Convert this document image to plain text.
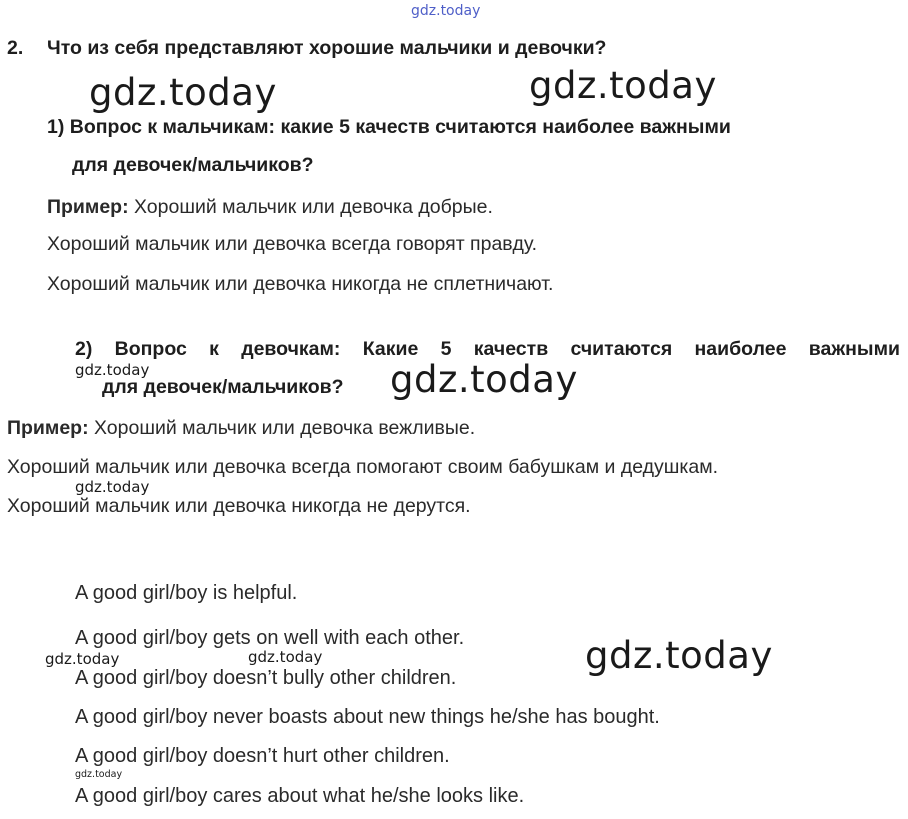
gdz.today
gdz.today	gdz.today
2. Что из себя представляют хорошие мальчики и девочки?
1) Вопрос к мальчикам: какие 5 качеств считаются наиболее важными
для девочек/мальчиков?
Пример: Хороший мальчик или девочка добрые.
Хороший мальчик или девочка всегда говорят правду.
Хороший мальчик или девочка никогда не сплетничают.
2) Вопрос к девочкам: Какие 5 качеств считаются наиболее важными
gdz.today
для девочек/мальчиков? gdz.today
Пример: Хороший мальчик или девочка вежливые.
Хороший мальчик или девочка всегда помогают своим бабушкам и дедушкам.
gdz.today
Хороший мальчик или девочка никогда не дерутся.
A good girl/boy is helpful.
A good girl/boy gets on well with each other.
gdz.today	gdz.today	gdz.today
A good girl/boy doesn’t bully other children.
A good girl/boy never boasts about new things he/she has bought.
A good girl/boy doesn’t hurt other children.
gdz.today
A good girl/boy cares about what he/she looks like.
